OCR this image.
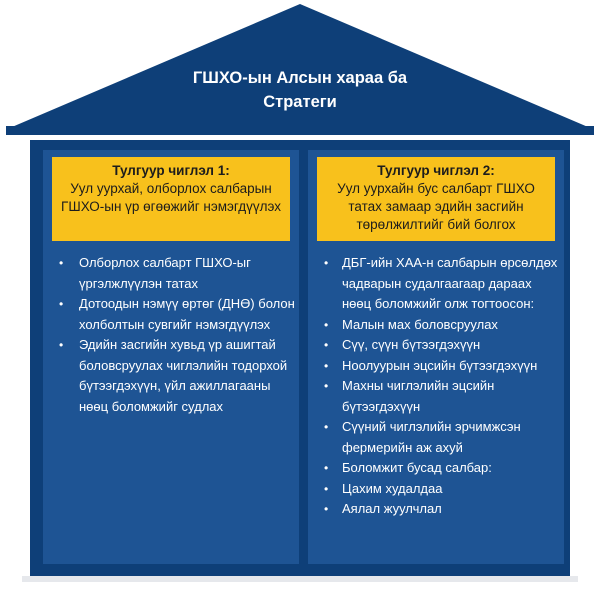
ГШХО-ын Алсын хараа ба
Стратеги
Тулгуур чиглэл 1:
Уул уурхай, олборлох салбарын ГШХО-ын үр өгөөжийг нэмэгдүүлэх
• Олборлох салбарт ГШХО-ыг үргэлжлүүлэн татах
• Дотоодын нэмүү өртөг (ДНӨ) болон холболтын сувгийг нэмэгдүүлэх
• Эдийн засгийн хувьд үр ашигтай боловсруулах чиглэлийн тодорхой бүтээгдэхүүн, үйл ажиллагааны нөөц боломжийг судлах
Тулгуур чиглэл 2:
Уул уурхайн бус салбарт ГШХО татах замаар эдийн засгийн төрөлжилтийг бий болгох
• ДБГ-ийн ХАА-н салбарын өрсөлдөх чадварын судалгаагаар дараах нөөц боломжийг олж тогтоосон:
• Малын мах боловсруулах
• Сүү, сүүн бүтээгдэхүүн
• Ноолуурын эцсийн бүтээгдэхүүн
• Махны чиглэлийн эцсийн бүтээгдэхүүн
• Сүүний чиглэлийн эрчимжсэн фермерийн аж ахуй
• Боломжит бусад салбар:
• Цахим худалдаа
• Аялал жуулчлал
